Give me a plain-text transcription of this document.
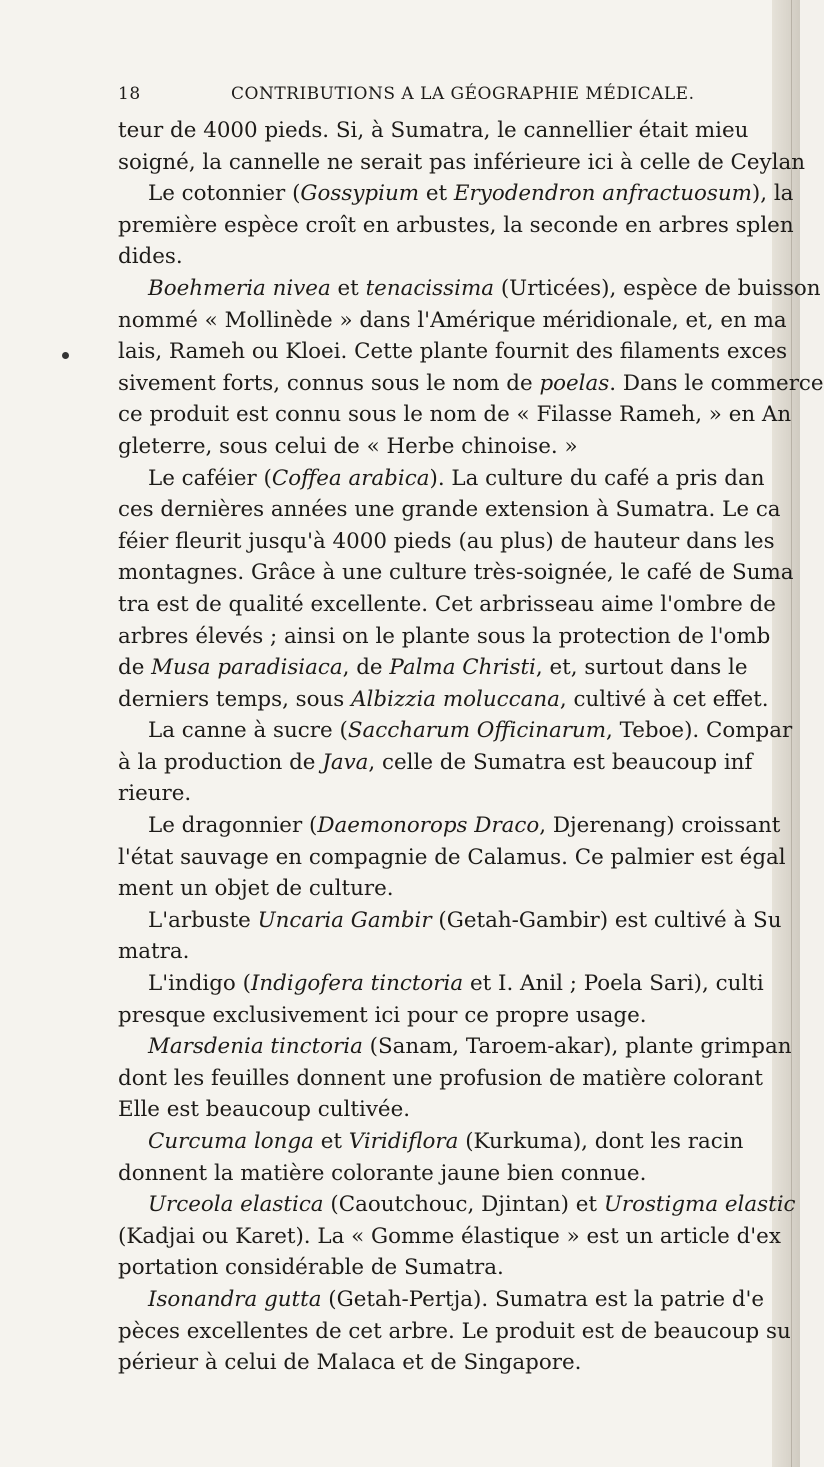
18	CONTRIBUTIONS A LA GÉOGRAPHIE MÉDICALE.
teur de 4000 pieds. Si, à Sumatra, le cannellier était mieu
soigné, la cannelle ne serait pas inférieure ici à celle de Ceylan
Le cotonnier (Gossypium et Eryodendron anfractuosum), la
première espèce croît en arbustes, la seconde en arbres splen
dides.
Boehmeria nivea et tenacissima (Urticées), espèce de buisson
nommé « Mollinède » dans l'Amérique méridionale, et, en ma
lais, Rameh ou Kloei. Cette plante fournit des filaments exces
sivement forts, connus sous le nom de poelas. Dans le commerce
ce produit est connu sous le nom de « Filasse Rameh, » en An
gleterre, sous celui de « Herbe chinoise. »
Le caféier (Coffea arabica). La culture du café a pris dan
ces dernières années une grande extension à Sumatra. Le ca
féier fleurit jusqu'à 4000 pieds (au plus) de hauteur dans les
montagnes. Grâce à une culture très-soignée, le café de Suma
tra est de qualité excellente. Cet arbrisseau aime l'ombre de
arbres élevés ; ainsi on le plante sous la protection de l'omb
de Musa paradisiaca, de Palma Christi, et, surtout dans le
derniers temps, sous Albizzia moluccana, cultivé à cet effet.
La canne à sucre (Saccharum Officinarum, Teboe). Compar
à la production de Java, celle de Sumatra est beaucoup inf
rieure.
Le dragonnier (Daemonorops Draco, Djerenang) croissant
l'état sauvage en compagnie de Calamus. Ce palmier est égal
ment un objet de culture.
L'arbuste Uncaria Gambir (Getah-Gambir) est cultivé à Su
matra.
L'indigo (Indigofera tinctoria et I. Anil ; Poela Sari), culti
presque exclusivement ici pour ce propre usage.
Marsdenia tinctoria (Sanam, Taroem-akar), plante grimpan
dont les feuilles donnent une profusion de matière colorant
Elle est beaucoup cultivée.
Curcuma longa et Viridiflora (Kurkuma), dont les racin
donnent la matière colorante jaune bien connue.
Urceola elastica (Caoutchouc, Djintan) et Urostigma elastic
(Kadjai ou Karet). La « Gomme élastique » est un article d'ex
portation considérable de Sumatra.
Isonandra gutta (Getah-Pertja). Sumatra est la patrie d'e
pèces excellentes de cet arbre. Le produit est de beaucoup su
périeur à celui de Malaca et de Singapore.
